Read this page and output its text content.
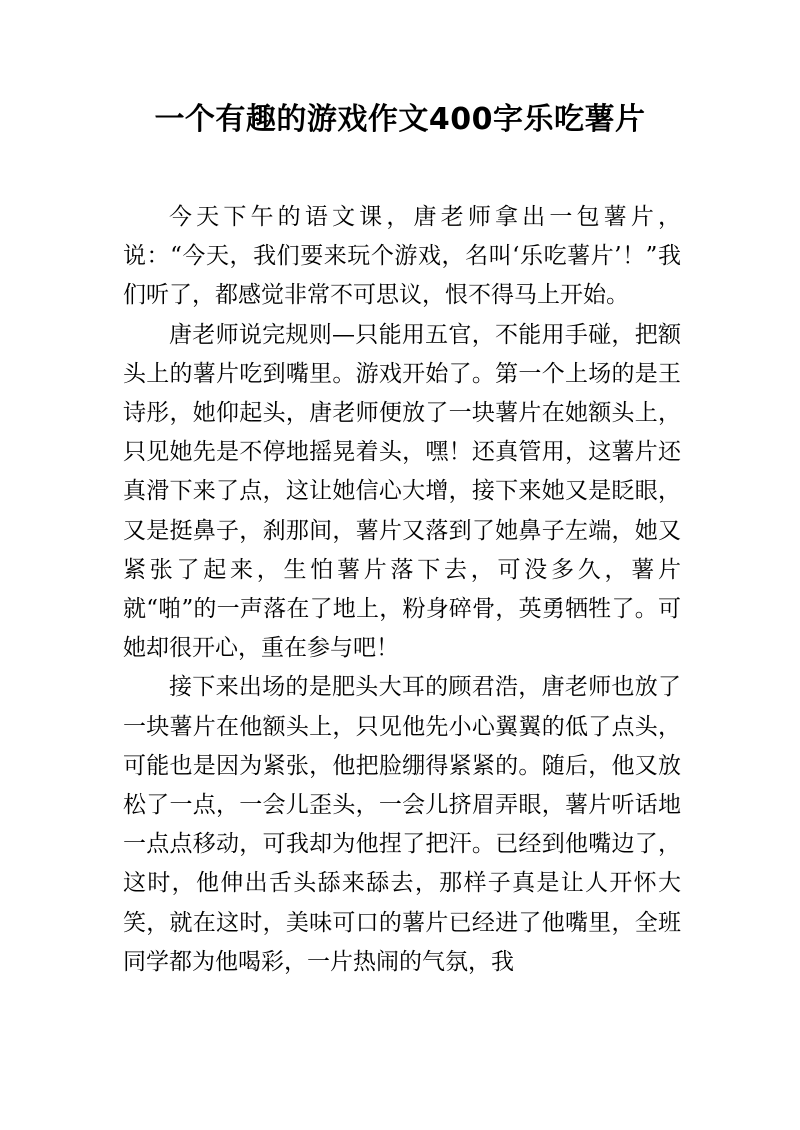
一个有趣的游戏作文400字乐吃薯片

今天下午的语文课，唐老师拿出一包薯片，说：“今天，我们要来玩个游戏，名叫‘乐吃薯片’！”我们听了，都感觉非常不可思议，恨不得马上开始。

唐老师说完规则—只能用五官，不能用手碰，把额头上的薯片吃到嘴里。游戏开始了。第一个上场的是王诗彤，她仰起头，唐老师便放了一块薯片在她额头上，只见她先是不停地摇晃着头，嘿！还真管用，这薯片还真滑下来了点，这让她信心大增，接下来她又是眨眼，又是挺鼻子，刹那间，薯片又落到了她鼻子左端，她又紧张了起来，生怕薯片落下去，可没多久，薯片就“啪”的一声落在了地上，粉身碎骨，英勇牺牲了。可她却很开心，重在参与吧！

接下来出场的是肥头大耳的顾君浩，唐老师也放了一块薯片在他额头上，只见他先小心翼翼的低了点头，可能也是因为紧张，他把脸绷得紧紧的。随后，他又放松了一点，一会儿歪头，一会儿挤眉弄眼，薯片听话地一点点移动，可我却为他捏了把汗。已经到他嘴边了，这时，他伸出舌头舔来舔去，那样子真是让人开怀大笑，就在这时，美味可口的薯片已经进了他嘴里，全班同学都为他喝彩，一片热闹的气氛，我
